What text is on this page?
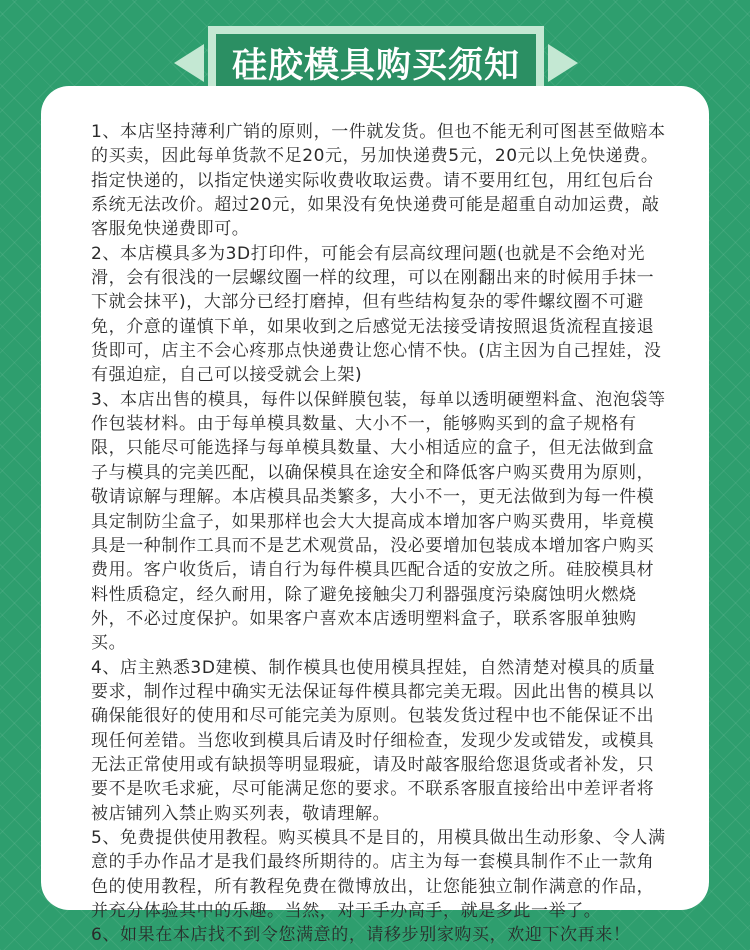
硅胶模具购买须知

1、本店坚持薄利广销的原则，一件就发货。但也不能无利可图甚至做赔本的买卖，因此每单货款不足20元，另加快递费5元，20元以上免快递费。指定快递的，以指定快递实际收费收取运费。请不要用红包，用红包后台系统无法改价。超过20元，如果没有免快递费可能是超重自动加运费，敲客服免快递费即可。

2、本店模具多为3D打印件，可能会有层高纹理问题(也就是不会绝对光滑，会有很浅的一层螺纹圈一样的纹理，可以在刚翻出来的时候用手抹一下就会抹平)，大部分已经打磨掉，但有些结构复杂的零件螺纹圈不可避免，介意的谨慎下单，如果收到之后感觉无法接受请按照退货流程直接退货即可，店主不会心疼那点快递费让您心情不快。(店主因为自己捏娃，没有强迫症，自己可以接受就会上架)

3、本店出售的模具，每件以保鲜膜包装，每单以透明硬塑料盒、泡泡袋等作包装材料。由于每单模具数量、大小不一，能够购买到的盒子规格有限，只能尽可能选择与每单模具数量、大小相适应的盒子，但无法做到盒子与模具的完美匹配，以确保模具在途安全和降低客户购买费用为原则，敬请谅解与理解。本店模具品类繁多，大小不一，更无法做到为每一件模具定制防尘盒子，如果那样也会大大提高成本增加客户购买费用，毕竟模具是一种制作工具而不是艺术观赏品，没必要增加包装成本增加客户购买费用。客户收货后，请自行为每件模具匹配合适的安放之所。硅胶模具材料性质稳定，经久耐用，除了避免接触尖刀利器强度污染腐蚀明火燃烧外，不必过度保护。如果客户喜欢本店透明塑料盒子，联系客服单独购买。

4、店主熟悉3D建模、制作模具也使用模具捏娃，自然清楚对模具的质量要求，制作过程中确实无法保证每件模具都完美无瑕。因此出售的模具以确保能很好的使用和尽可能完美为原则。包装发货过程中也不能保证不出现任何差错。当您收到模具后请及时仔细检查，发现少发或错发，或模具无法正常使用或有缺损等明显瑕疵，请及时敲客服给您退货或者补发，只要不是吹毛求疵，尽可能满足您的要求。不联系客服直接给出中差评者将被店铺列入禁止购买列表，敬请理解。

5、免费提供使用教程。购买模具不是目的，用模具做出生动形象、令人满意的手办作品才是我们最终所期待的。店主为每一套模具制作不止一款角色的使用教程，所有教程免费在微博放出，让您能独立制作满意的作品，并充分体验其中的乐趣。当然，对于手办高手，就是多此一举了。

6、如果在本店找不到令您满意的，请移步别家购买，欢迎下次再来！
